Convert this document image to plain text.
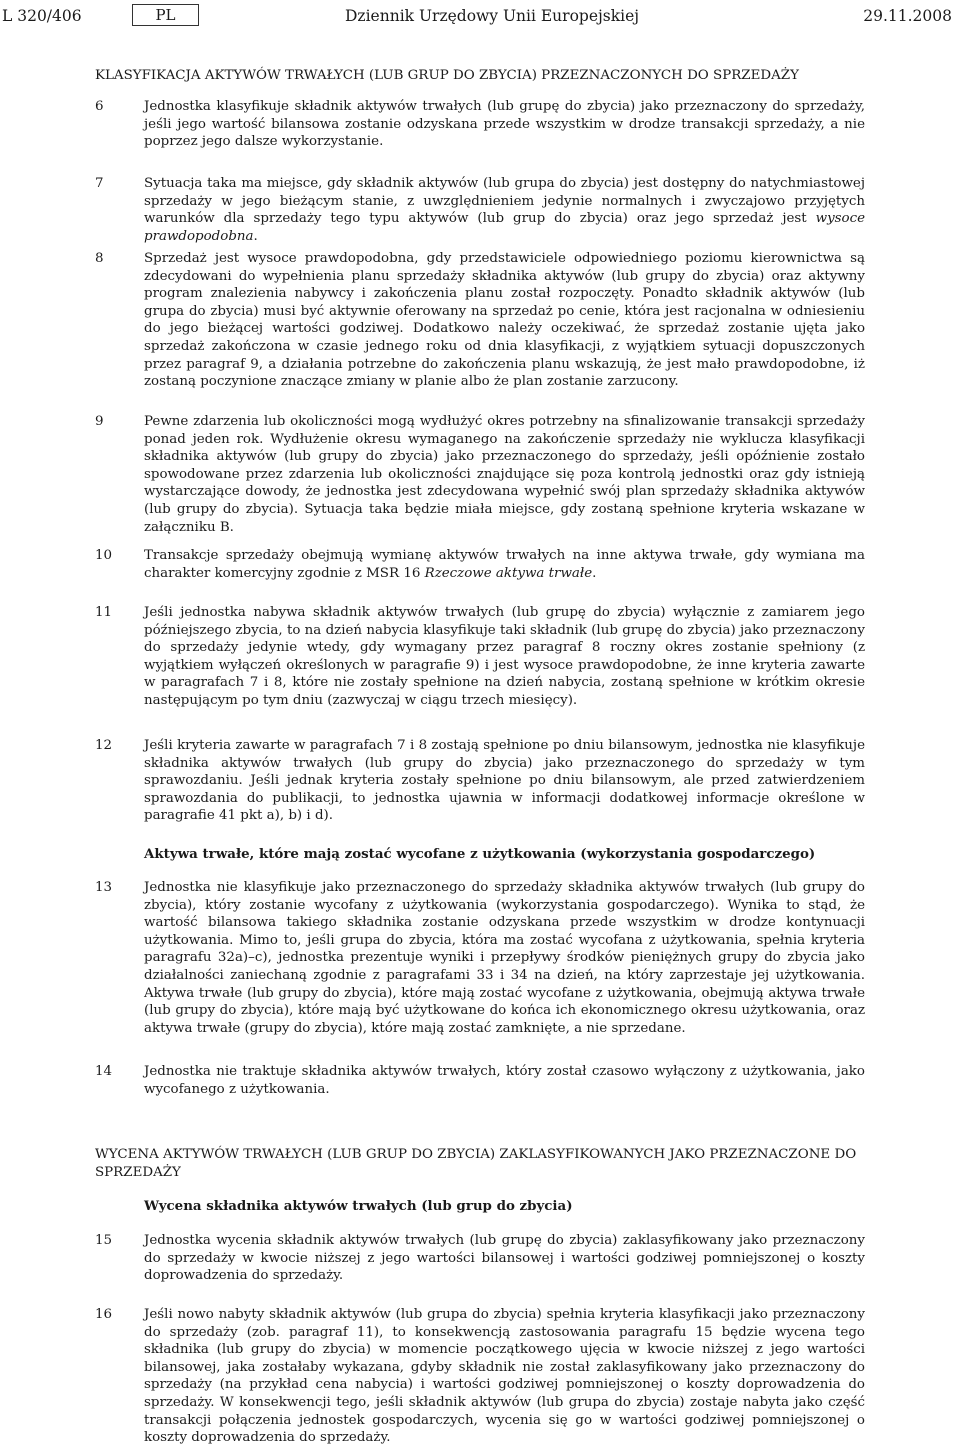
L 320/406	PL	Dziennik Urzędowy Unii Europejskiej	29.11.2008
KLASYFIKACJA AKTYWÓW TRWAŁYCH (LUB GRUP DO ZBYCIA) PRZEZNACZONYCH DO SPRZEDAŻY
6	Jednostka klasyfikuje składnik aktywów trwałych (lub grupę do zbycia) jako przeznaczony do sprzedaży, jeśli jego wartość bilansowa zostanie odzyskana przede wszystkim w drodze transakcji sprzedaży, a nie poprzez jego dalsze wykorzystanie.
7	Sytuacja taka ma miejsce, gdy składnik aktywów (lub grupa do zbycia) jest dostępny do natychmiastowej sprzedaży w jego bieżącym stanie, z uwzględnieniem jedynie normalnych i zwyczajowo przyjętych warunków dla sprzedaży tego typu aktywów (lub grup do zbycia) oraz jego sprzedaż jest wysoce prawdopodobna.
8	Sprzedaż jest wysoce prawdopodobna, gdy przedstawiciele odpowiedniego poziomu kierownictwa są zdecydowani do wypełnienia planu sprzedaży składnika aktywów (lub grupy do zbycia) oraz aktywny program znalezienia nabywcy i zakończenia planu został rozpoczęty. Ponadto składnik aktywów (lub grupa do zbycia) musi być aktywnie oferowany na sprzedaż po cenie, która jest racjonalna w odniesieniu do jego bieżącej wartości godziwej. Dodatkowo należy oczekiwać, że sprzedaż zostanie ujęta jako sprzedaż zakończona w czasie jednego roku od dnia klasyfikacji, z wyjątkiem sytuacji dopuszczonych przez paragraf 9, a działania potrzebne do zakończenia planu wskazują, że jest mało prawdopodobne, iż zostaną poczynione znaczące zmiany w planie albo że plan zostanie zarzucony.
9	Pewne zdarzenia lub okoliczności mogą wydłużyć okres potrzebny na sfinalizowanie transakcji sprzedaży ponad jeden rok. Wydłużenie okresu wymaganego na zakończenie sprzedaży nie wyklucza klasyfikacji składnika aktywów (lub grupy do zbycia) jako przeznaczonego do sprzedaży, jeśli opóźnienie zostało spowodowane przez zdarzenia lub okoliczności znajdujące się poza kontrolą jednostki oraz gdy istnieją wystarczające dowody, że jednostka jest zdecydowana wypełnić swój plan sprzedaży składnika aktywów (lub grupy do zbycia). Sytuacja taka będzie miała miejsce, gdy zostaną spełnione kryteria wskazane w załączniku B.
10	Transakcje sprzedaży obejmują wymianę aktywów trwałych na inne aktywa trwałe, gdy wymiana ma charakter komercyjny zgodnie z MSR 16 Rzeczowe aktywa trwałe.
11	Jeśli jednostka nabywa składnik aktywów trwałych (lub grupę do zbycia) wyłącznie z zamiarem jego późniejszego zbycia, to na dzień nabycia klasyfikuje taki składnik (lub grupę do zbycia) jako przeznaczony do sprzedaży jedynie wtedy, gdy wymagany przez paragraf 8 roczny okres zostanie spełniony (z wyjątkiem wyłączeń określonych w paragrafie 9) i jest wysoce prawdopodobne, że inne kryteria zawarte w paragrafach 7 i 8, które nie zostały spełnione na dzień nabycia, zostaną spełnione w krótkim okresie następującym po tym dniu (zazwyczaj w ciągu trzech miesięcy).
12	Jeśli kryteria zawarte w paragrafach 7 i 8 zostają spełnione po dniu bilansowym, jednostka nie klasyfikuje składnika aktywów trwałych (lub grupy do zbycia) jako przeznaczonego do sprzedaży w tym sprawozdaniu. Jeśli jednak kryteria zostały spełnione po dniu bilansowym, ale przed zatwierdzeniem sprawozdania do publikacji, to jednostka ujawnia w informacji dodatkowej informacje określone w paragrafie 41 pkt a), b) i d).
Aktywa trwałe, które mają zostać wycofane z użytkowania (wykorzystania gospodarczego)
13	Jednostka nie klasyfikuje jako przeznaczonego do sprzedaży składnika aktywów trwałych (lub grupy do zbycia), który zostanie wycofany z użytkowania (wykorzystania gospodarczego). Wynika to stąd, że wartość bilansowa takiego składnika zostanie odzyskana przede wszystkim w drodze kontynuacji użytkowania. Mimo to, jeśli grupa do zbycia, która ma zostać wycofana z użytkowania, spełnia kryteria paragrafu 32a)–c), jednostka prezentuje wyniki i przepływy środków pieniężnych grupy do zbycia jako działalności zaniechaną zgodnie z paragrafami 33 i 34 na dzień, na który zaprzestaje jej użytkowania. Aktywa trwałe (lub grupy do zbycia), które mają zostać wycofane z użytkowania, obejmują aktywa trwałe (lub grupy do zbycia), które mają być użytkowane do końca ich ekonomicznego okresu użytkowania, oraz aktywa trwałe (grupy do zbycia), które mają zostać zamknięte, a nie sprzedane.
14	Jednostka nie traktuje składnika aktywów trwałych, który został czasowo wyłączony z użytkowania, jako wycofanego z użytkowania.
WYCENA AKTYWÓW TRWAŁYCH (LUB GRUP DO ZBYCIA) ZAKLASYFIKOWANYCH JAKO PRZEZNACZONE DO SPRZEDAŻY
Wycena składnika aktywów trwałych (lub grup do zbycia)
15	Jednostka wycenia składnik aktywów trwałych (lub grupę do zbycia) zaklasyfikowany jako przeznaczony do sprzedaży w kwocie niższej z jego wartości bilansowej i wartości godziwej pomniejszonej o koszty doprowadzenia do sprzedaży.
16	Jeśli nowo nabyty składnik aktywów (lub grupa do zbycia) spełnia kryteria klasyfikacji jako przeznaczony do sprzedaży (zob. paragraf 11), to konsekwencją zastosowania paragrafu 15 będzie wycena tego składnika (lub grupy do zbycia) w momencie początkowego ujęcia w kwocie niższej z jego wartości bilansowej, jaka zostałaby wykazana, gdyby składnik nie został zaklasyfikowany jako przeznaczony do sprzedaży (na przykład cena nabycia) i wartości godziwej pomniejszonej o koszty doprowadzenia do sprzedaży. W konsekwencji tego, jeśli składnik aktywów (lub grupa do zbycia) zostaje nabyta jako część transakcji połączenia jednostek gospodarczych, wycenia się go w wartości godziwej pomniejszonej o koszty doprowadzenia do sprzedaży.
